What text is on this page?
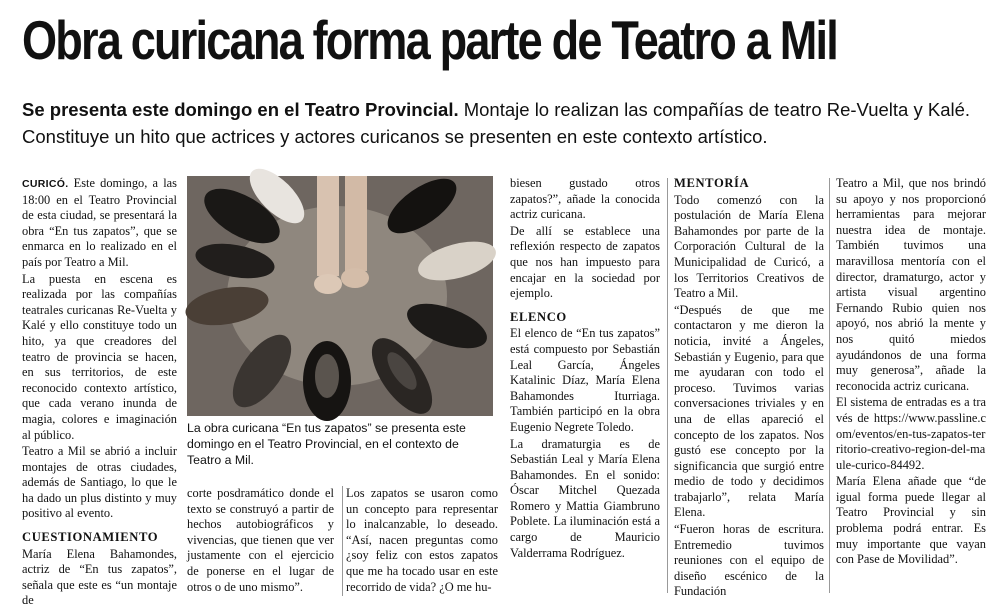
Obra curicana forma parte de Teatro a Mil
Se presenta este domingo en el Teatro Provincial. Montaje lo realizan las compañías de teatro Re-Vuelta y Kalé. Constituye un hito que actrices y actores curicanos se presenten en este contexto artístico.

CURICÓ. Este domingo, a las 18:00 en el Teatro Provincial de esta ciudad, se presentará la obra “En tus zapatos”, que se enmarca en lo realizado en el país por Teatro a Mil.

La puesta en escena es realizada por las compañías teatrales curicanas Re-Vuelta y Kalé y ello constituye todo un hito, ya que creadores del teatro de provincia se hacen, en sus territorios, de este reconocido contexto artístico, que cada verano inunda de magia, colores e imaginación al público.

Teatro a Mil se abrió a incluir montajes de otras ciudades, además de Santiago, lo que le ha dado un plus distinto y muy positivo al evento.

CUESTIONAMIENTO

María Elena Bahamondes, actriz de “En tus zapatos”, señala que este es “un montaje de

La obra curicana “En tus zapatos” se presenta este domingo en el Teatro Provincial, en el contexto de Teatro a Mil.

corte posdramático donde el texto se construyó a partir de hechos autobiográficos y vivencias, que tienen que ver justamente con el ejercicio de ponerse en el lugar de otros o de uno mismo”.

biesen gustado otros zapatos?”, añade la conocida actriz curicana.

De allí se establece una reflexión respecto de zapatos que nos han impuesto para encajar en la sociedad por ejemplo.

ELENCO

El elenco de “En tus zapatos” está compuesto por Sebastián Leal García, Ángeles Katalinic Díaz, María Elena Bahamondes Iturriaga. También participó en la obra Eugenio Negrete Toledo.

La dramaturgia es de Sebastián Leal y María Elena Bahamondes. En el sonido: Óscar Mitchel Quezada Romero y Mattia Giambruno Poblete. La iluminación está a cargo de Mauricio Valderrama Rodríguez.

Los zapatos se usaron como un concepto para representar lo inalcanzable, lo deseado. “Así, nacen preguntas como ¿soy feliz con estos zapatos que me ha tocado usar en este recorrido de vida? ¿O me hu-

MENTORÍA

Todo comenzó con la postulación de María Elena Bahamondes por parte de la Corporación Cultural de la Municipalidad de Curicó, a los Territorios Creativos de Teatro a Mil.

“Después de que me contactaron y me dieron la noticia, invité a Ángeles, Sebastián y Eugenio, para que me ayudaran con todo el proceso. Tuvimos varias conversaciones triviales y en una de ellas apareció el concepto de los zapatos. Nos gustó ese concepto por la significancia que surgió entre medio de todo y decidimos trabajarlo”, relata María Elena.

“Fueron horas de escritura. Entremedio tuvimos reuniones con el equipo de diseño escénico de la Fundación

Teatro a Mil, que nos brindó su apoyo y nos proporcionó herramientas para mejorar nuestra idea de montaje. También tuvimos una maravillosa mentoría con el director, dramaturgo, actor y artista visual argentino Fernando Rubio quien nos apoyó, nos abrió la mente y nos quitó miedos ayudándonos de una forma muy generosa”, añade la reconocida actriz curicana.

El sistema de entradas es a través de https://www.passline.com/eventos/en-tus-zapatos-territorio-creativo-region-del-maule-curico-84492.

María Elena añade que “de igual forma puede llegar al Teatro Provincial y sin problema podrá entrar. Es muy importante que vayan con Pase de Movilidad”.
